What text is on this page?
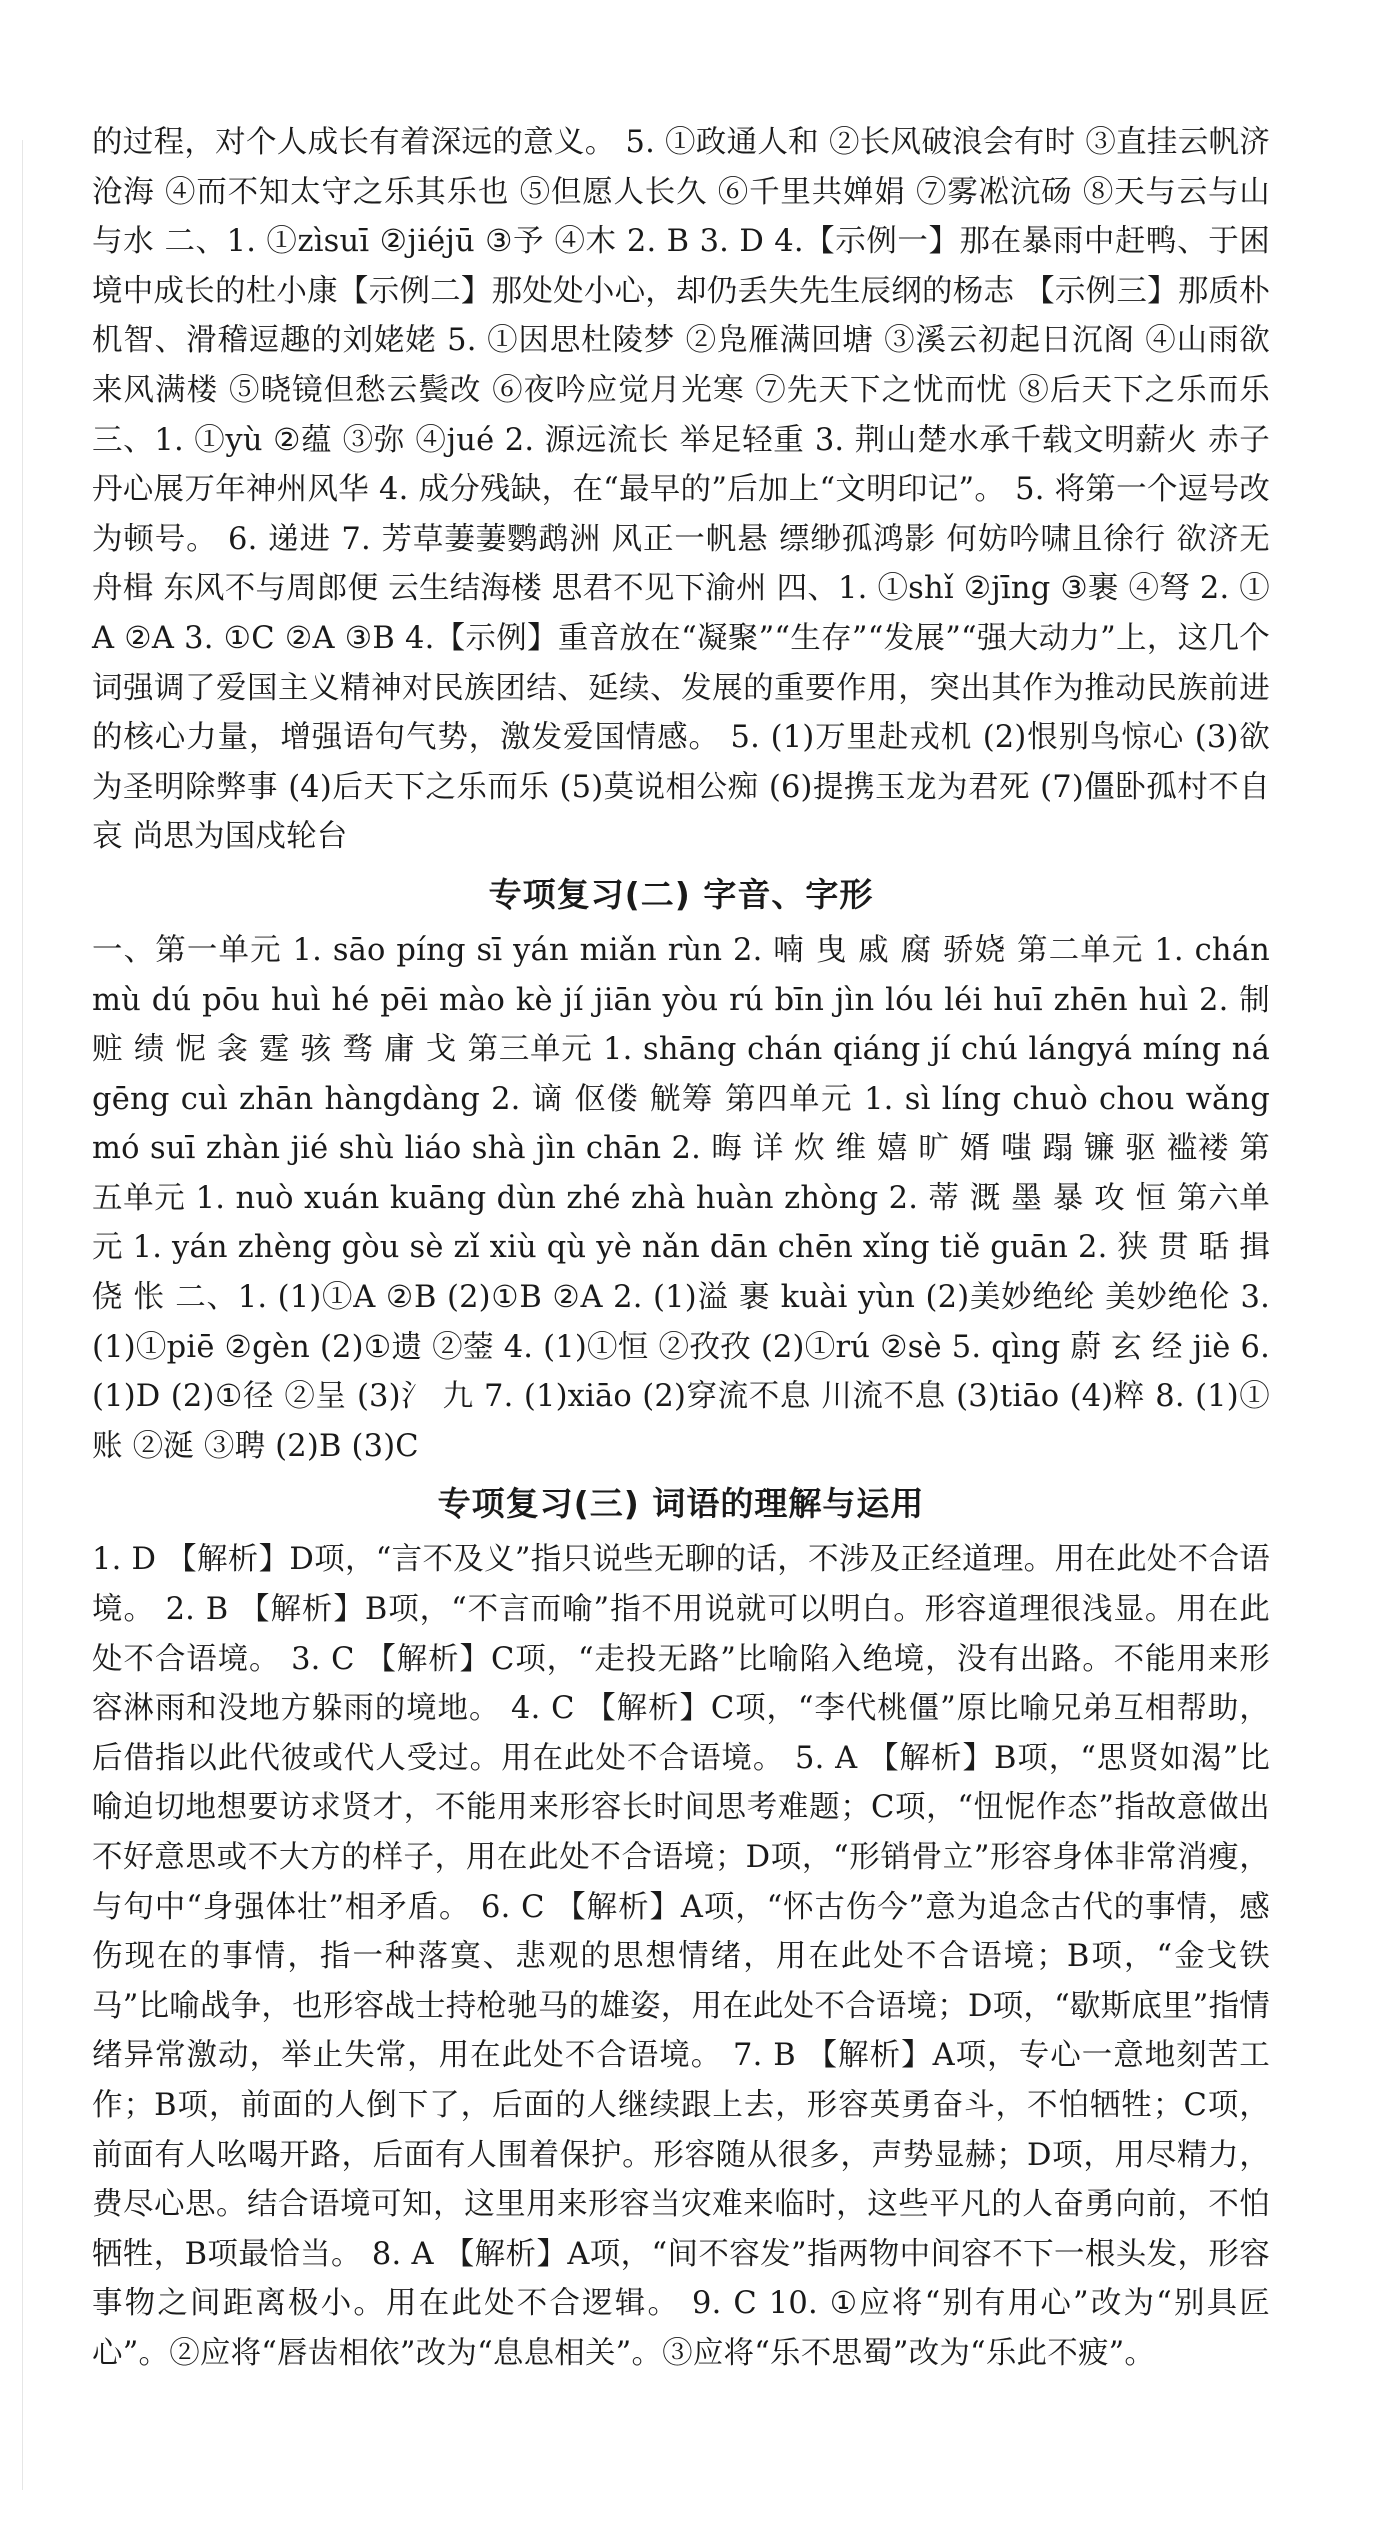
的过程，对个人成长有着深远的意义。 5. ①政通人和 ②长风破浪会有时 ③直挂云帆济沧海 ④而不知太守之乐其乐也 ⑤但愿人长久 ⑥千里共婵娟 ⑦雾凇沆砀 ⑧天与云与山与水 二、1. ①zìsuī ②jiéjū ③予 ④木 2. B 3. D 4.【示例一】那在暴雨中赶鸭、于困境中成长的杜小康【示例二】那处处小心，却仍丢失先生辰纲的杨志 【示例三】那质朴机智、滑稽逗趣的刘姥姥 5. ①因思杜陵梦 ②凫雁满回塘 ③溪云初起日沉阁 ④山雨欲来风满楼 ⑤晓镜但愁云鬓改 ⑥夜吟应觉月光寒 ⑦先天下之忧而忧 ⑧后天下之乐而乐 三、1. ①yù ②蕴 ③弥 ④jué 2. 源远流长 举足轻重 3. 荆山楚水承千载文明薪火 赤子丹心展万年神州风华 4. 成分残缺，在“最早的”后加上“文明印记”。 5. 将第一个逗号改为顿号。 6. 递进 7. 芳草萋萋鹦鹉洲 风正一帆悬 缥缈孤鸿影 何妨吟啸且徐行 欲济无舟楫 东风不与周郎便 云生结海楼 思君不见下渝州 四、1. ①shǐ ②jīng ③裹 ④弩 2. ①A ②A 3. ①C ②A ③B 4.【示例】重音放在“凝聚”“生存”“发展”“强大动力”上，这几个词强调了爱国主义精神对民族团结、延续、发展的重要作用，突出其作为推动民族前进的核心力量，增强语句气势，激发爱国情感。 5. (1)万里赴戎机 (2)恨别鸟惊心 (3)欲为圣明除弊事 (4)后天下之乐而乐 (5)莫说相公痴 (6)提携玉龙为君死 (7)僵卧孤村不自哀 尚思为国戍轮台

专项复习(二) 字音、字形

一、第一单元 1. sāo píng sī yán miǎn rùn 2. 喃 曳 戚 腐 骄娆 第二单元 1. chán mù dú pōu huì hé pēi mào kè jí jiān yòu rú bīn jìn lóu léi huī zhēn huì 2. 制 赃 绩 怩 衾 霆 骇 骛 庸 戈 第三单元 1. shāng chán qiáng jí chú lángyá míng ná gēng cuì zhān hàngdàng 2. 谪 伛偻 觥筹 第四单元 1. sì líng chuò chou wǎng mó suī zhàn jié shù liáo shà jìn chān 2. 晦 详 炊 维 嬉 旷 婿 嗤 蹋 镰 驱 褴褛 第五单元 1. nuò xuán kuāng dùn zhé zhà huàn zhòng 2. 蒂 溉 墨 暴 攻 恒 第六单元 1. yán zhèng gòu sè zǐ xiù qù yè nǎn dān chēn xǐng tiě guān 2. 狭 贯 聒 揖 侥 怅 二、1. (1)①A ②B (2)①B ②A 2. (1)溢 裹 kuài yùn (2)美妙绝纶 美妙绝伦 3. (1)①piē ②gèn (2)①遗 ②蓥 4. (1)①恒 ②孜孜 (2)①rú ②sè 5. qìng 蔚 玄 经 jiè 6. (1)D (2)①径 ②呈 (3)氵 九 7. (1)xiāo (2)穿流不息 川流不息 (3)tiāo (4)粹 8. (1)①账 ②涎 ③聘 (2)B (3)C

专项复习(三) 词语的理解与运用

1. D 【解析】D项，“言不及义”指只说些无聊的话，不涉及正经道理。用在此处不合语境。 2. B 【解析】B项，“不言而喻”指不用说就可以明白。形容道理很浅显。用在此处不合语境。 3. C 【解析】C项，“走投无路”比喻陷入绝境，没有出路。不能用来形容淋雨和没地方躲雨的境地。 4. C 【解析】C项，“李代桃僵”原比喻兄弟互相帮助，后借指以此代彼或代人受过。用在此处不合语境。 5. A 【解析】B项，“思贤如渴”比喻迫切地想要访求贤才，不能用来形容长时间思考难题；C项，“忸怩作态”指故意做出不好意思或不大方的样子，用在此处不合语境；D项，“形销骨立”形容身体非常消瘦，与句中“身强体壮”相矛盾。 6. C 【解析】A项，“怀古伤今”意为追念古代的事情，感伤现在的事情，指一种落寞、悲观的思想情绪，用在此处不合语境；B项，“金戈铁马”比喻战争，也形容战士持枪驰马的雄姿，用在此处不合语境；D项，“歇斯底里”指情绪异常激动，举止失常，用在此处不合语境。 7. B 【解析】A项，专心一意地刻苦工作；B项，前面的人倒下了，后面的人继续跟上去，形容英勇奋斗，不怕牺牲；C项，前面有人吆喝开路，后面有人围着保护。形容随从很多，声势显赫；D项，用尽精力，费尽心思。结合语境可知，这里用来形容当灾难来临时，这些平凡的人奋勇向前，不怕牺牲，B项最恰当。 8. A 【解析】A项，“间不容发”指两物中间容不下一根头发，形容事物之间距离极小。用在此处不合逻辑。 9. C 10. ①应将“别有用心”改为“别具匠心”。②应将“唇齿相依”改为“息息相关”。③应将“乐不思蜀”改为“乐此不疲”。
